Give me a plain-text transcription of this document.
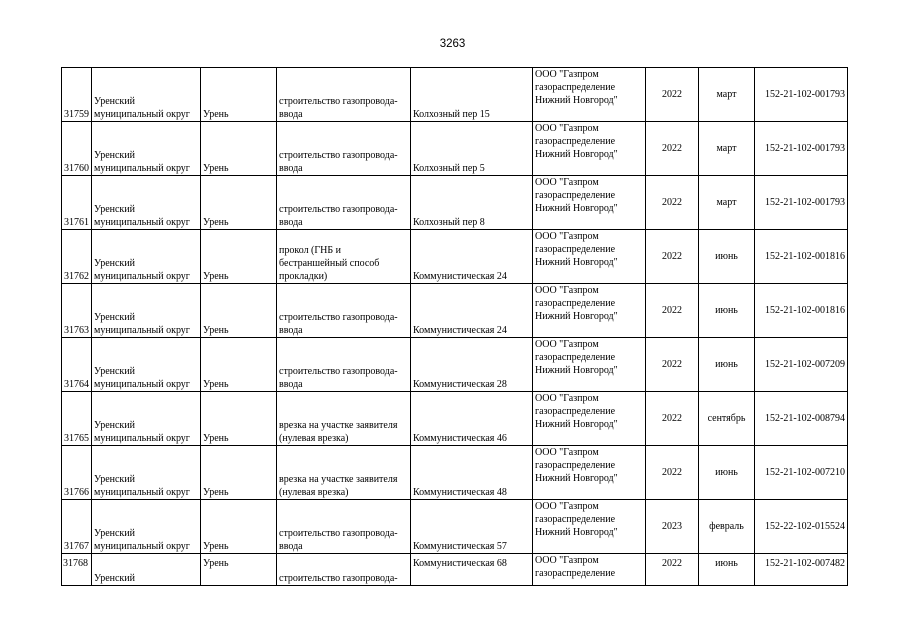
3263
31759	Уренский
муниципальный округ	Урень	строительство газопровода-
ввода	Колхозный пер 15	ООО "Газпром
газораспределение
Нижний Новгород"	2022	март	152-21-102-001793
31760	Уренский
муниципальный округ	Урень	строительство газопровода-
ввода	Колхозный пер 5	ООО "Газпром
газораспределение
Нижний Новгород"	2022	март	152-21-102-001793
31761	Уренский
муниципальный округ	Урень	строительство газопровода-
ввода	Колхозный пер 8	ООО "Газпром
газораспределение
Нижний Новгород"	2022	март	152-21-102-001793
31762	Уренский
муниципальный округ	Урень	прокол (ГНБ и
бестраншейный способ
прокладки)	Коммунистическая 24	ООО "Газпром
газораспределение
Нижний Новгород"	2022	июнь	152-21-102-001816
31763	Уренский
муниципальный округ	Урень	строительство газопровода-
ввода	Коммунистическая 24	ООО "Газпром
газораспределение
Нижний Новгород"	2022	июнь	152-21-102-001816
31764	Уренский
муниципальный округ	Урень	строительство газопровода-
ввода	Коммунистическая 28	ООО "Газпром
газораспределение
Нижний Новгород"	2022	июнь	152-21-102-007209
31765	Уренский
муниципальный округ	Урень	врезка на участке заявителя
(нулевая врезка)	Коммунистическая 46	ООО "Газпром
газораспределение
Нижний Новгород"	2022	сентябрь	152-21-102-008794
31766	Уренский
муниципальный округ	Урень	врезка на участке заявителя
(нулевая врезка)	Коммунистическая 48	ООО "Газпром
газораспределение
Нижний Новгород"	2022	июнь	152-21-102-007210
31767	Уренский
муниципальный округ	Урень	строительство газопровода-
ввода	Коммунистическая 57	ООО "Газпром
газораспределение
Нижний Новгород"	2023	февраль	152-22-102-015524
31768	Уренский	Урень	строительство газопровода-	Коммунистическая 68	ООО "Газпром
газораспределение	2022	июнь	152-21-102-007482
